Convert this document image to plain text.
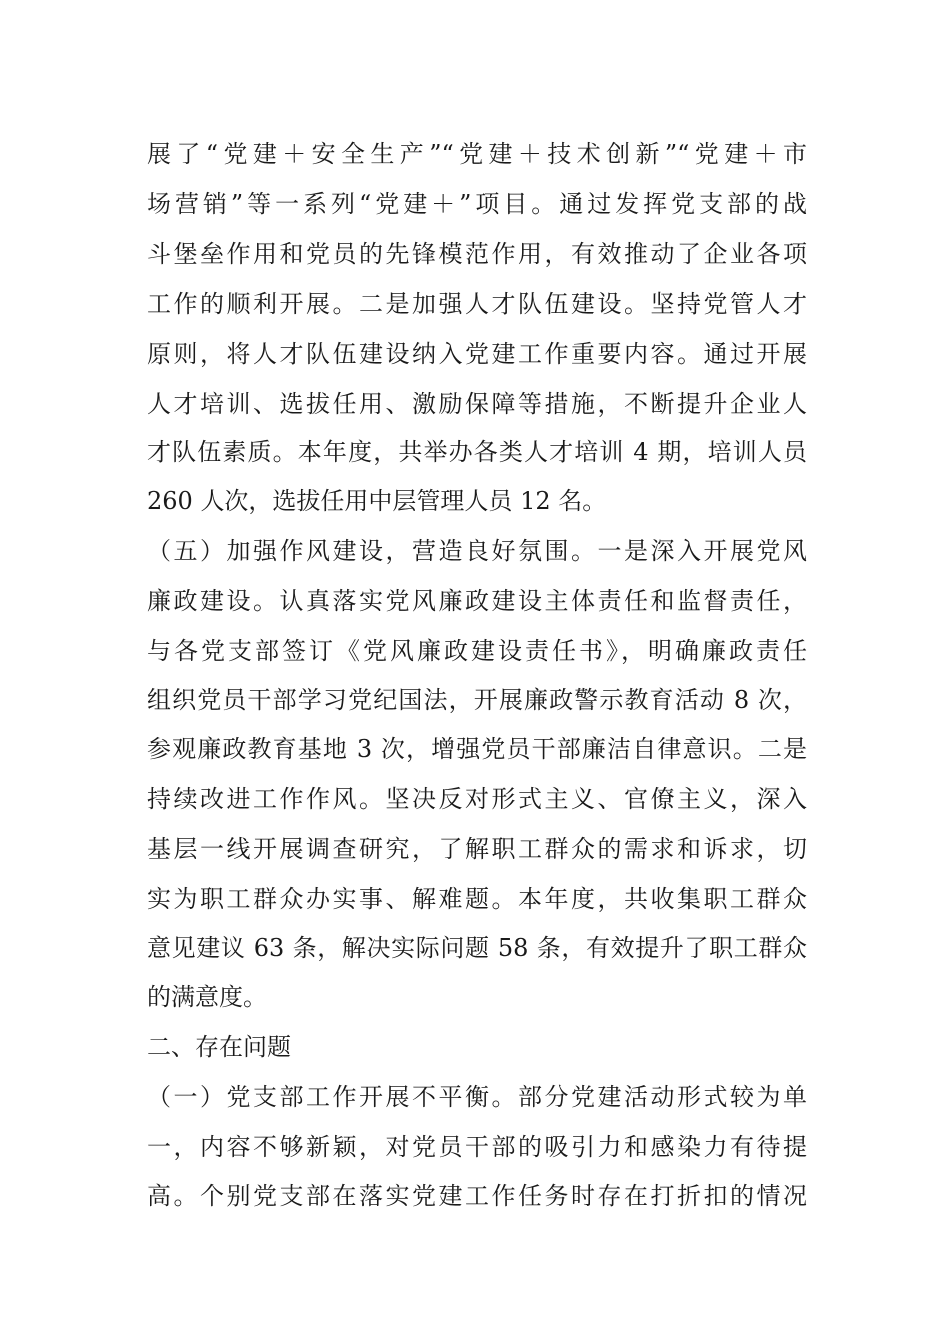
展了“党建＋安全生产”“党建＋技术创新”“党建＋市
场营销”等一系列“党建＋”项目。通过发挥党支部的战
斗堡垒作用和党员的先锋模范作用，有效推动了企业各项
工作的顺利开展。二是加强人才队伍建设。坚持党管人才
原则，将人才队伍建设纳入党建工作重要内容。通过开展
人才培训、选拔任用、激励保障等措施，不断提升企业人
才队伍素质。本年度，共举办各类人才培训 4 期，培训人员
260 人次，选拔任用中层管理人员 12 名。
（五）加强作风建设，营造良好氛围。一是深入开展党风
廉政建设。认真落实党风廉政建设主体责任和监督责任，
与各党支部签订《党风廉政建设责任书》，明确廉政责任
组织党员干部学习党纪国法，开展廉政警示教育活动 8 次，
参观廉政教育基地 3 次，增强党员干部廉洁自律意识。二是
持续改进工作作风。坚决反对形式主义、官僚主义，深入
基层一线开展调查研究，了解职工群众的需求和诉求，切
实为职工群众办实事、解难题。本年度，共收集职工群众
意见建议 63 条，解决实际问题 58 条，有效提升了职工群众
的满意度。
二、存在问题
（一）党支部工作开展不平衡。部分党建活动形式较为单
一，内容不够新颖，对党员干部的吸引力和感染力有待提
高。个别党支部在落实党建工作任务时存在打折扣的情况
